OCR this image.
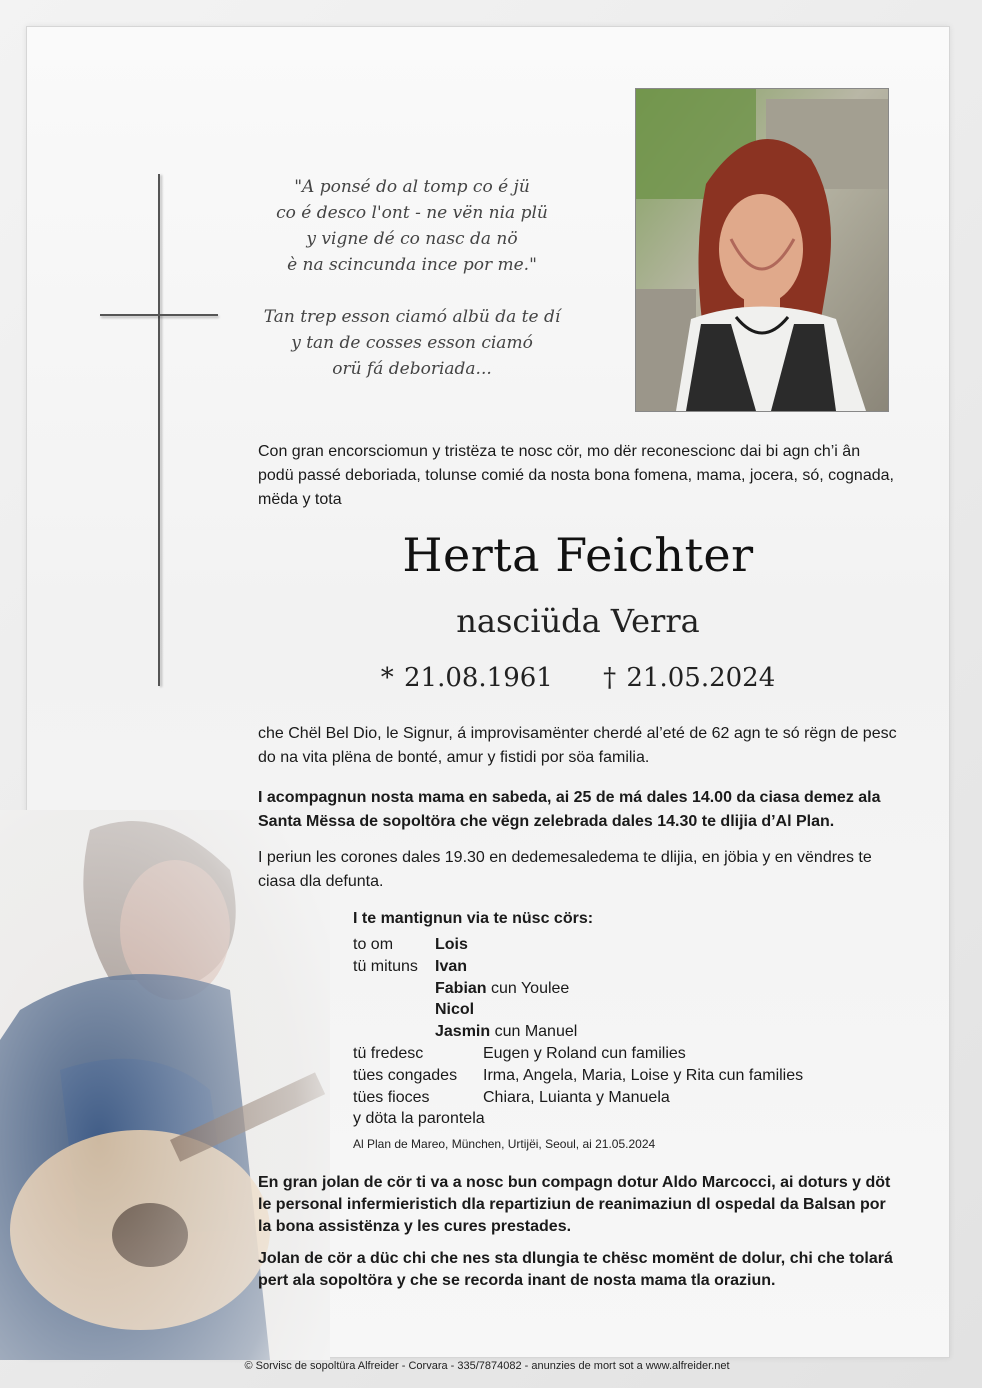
"A ponsé do al tomp co é jü
co é desco l'ont - ne vën nia plü
y vigne dé co nasc da nö
è na scincunda ince por me."
Tan trep esson ciamó albü da te dí
y tan de cosses esson ciamó
orü fá deboriada...
Con gran encorsciomun y tristëza te nosc cör, mo dër reconescionc dai bi agn ch’i ân podü passé deboriada, tolunse comié da nosta bona fomena, mama, jocera, só, cognada, mëda y tota
Herta Feichter
nasciüda Verra
* 21.08.1961 † 21.05.2024
che Chël Bel Dio, le Signur, á improvisamënter cherdé al’eté de 62 agn te só rëgn de pesc do na vita plëna de bonté, amur y fistidi por söa familia.
I acompagnun nosta mama en sabeda, ai 25 de má dales 14.00 da ciasa demez ala Santa Mëssa de sopoltöra che vëgn zelebrada dales 14.30 te dlijia d’Al Plan.
I periun les corones dales 19.30 en dedemesaledema te dlijia, en jöbia y en vëndres te ciasa dla defunta.
I te mantignun via te nüsc cörs:
to om	Lois
tü mituns	Ivan
Fabian cun Youlee
Nicol
Jasmin cun Manuel
tü fredesc	Eugen y Roland cun families
tües congades	Irma, Angela, Maria, Loise y Rita cun families
tües fioces	Chiara, Luianta y Manuela
y döta la parontela
Al Plan de Mareo, München, Urtijëi, Seoul, ai 21.05.2024
En gran jolan de cör ti va a nosc bun compagn dotur Aldo Marcocci, ai doturs y döt le personal infermieristich dla repartiziun de reanimaziun dl ospedal da Balsan por la bona assistënza y les cures prestades.
Jolan de cör a düc chi che nes sta dlungia te chësc momënt de dolur, chi che tolará pert ala sopoltöra y che se recorda inant de nosta mama tla oraziun.
© Sorvisc de sopoltüra Alfreider - Corvara - 335/7874082 - anunzies de mort sot a www.alfreider.net
